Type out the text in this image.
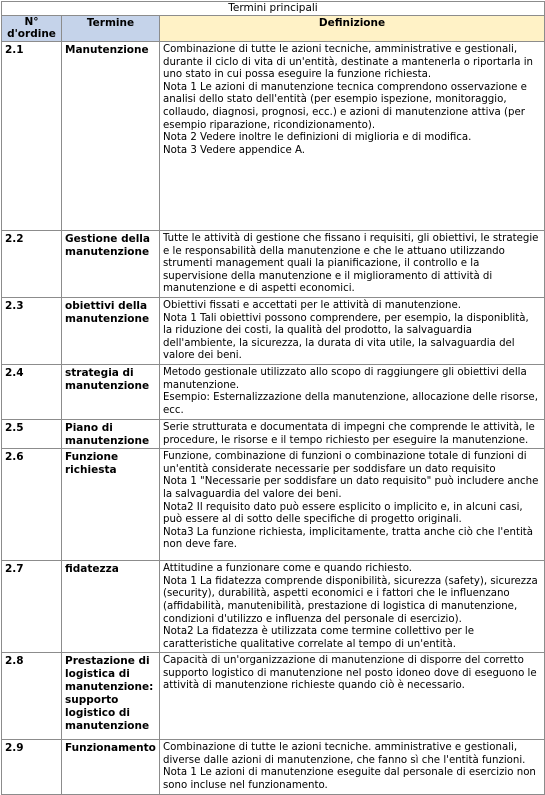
Termini principali		
N° d'ordine	Termine	Definizione
2.1	Manutenzione	Combinazione di tutte le azioni tecniche, amministrative e gestionali, durante il ciclo di vita di un'entità, destinate a mantenerla o riportarla in uno stato in cui possa eseguire la funzione richiesta.

Nota 1 Le azioni di manutenzione tecnica comprendono osservazione e analisi dello stato dell'entità (per esempio ispezione, monitoraggio, collaudo, diagnosi, prognosi, ecc.) e azioni di manutenzione attiva (per esempio riparazione, ricondizionamento).

Nota 2 Vedere inoltre le definizioni di miglioria e di modifica.

Nota 3 Vedere appendice A.

2.2	Gestione della manutenzione	Tutte le attività di gestione che fissano i requisiti, gli obiettivi, le strategie e le responsabilità della manutenzione e che le attuano utilizzando strumenti management quali la pianificazione, il controllo e la supervisione della manutenzione e il miglioramento di attività di manutenzione e di aspetti economici.

2.3	obiettivi della manutenzione	Obiettivi fissati e accettati per le attività di manutenzione.

Nota 1 Tali obiettivi possono comprendere, per esempio, la disponiblità, la riduzione dei costi, la qualità del prodotto, la salvaguardia dell'ambiente, la sicurezza, la durata di vita utile, la salvaguardia del valore dei beni.

2.4	strategia di manutenzione	Metodo gestionale utilizzato allo scopo di raggiungere gli obiettivi della manutenzione.

Esempio: Esternalizzazione della manutenzione, allocazione delle risorse, ecc.

2.5	Piano di manutenzione	Serie strutturata e documentata di impegni che comprende le attività, le procedure, le risorse e il tempo richiesto per eseguire la manutenzione.

2.6	Funzione richiesta	Funzione, combinazione di funzioni o combinazione totale di funzioni di un'entità considerate necessarie per soddisfare un dato requisito

Nota 1 "Necessarie per soddisfare un dato requisito" può includere anche la salvaguardia del valore dei beni.

Nota2 Il requisito dato può essere esplicito o implicito e, in alcuni casi, può essere al di sotto delle specifiche di progetto originali.

Nota3 La funzione richiesta, implicitamente, tratta anche ciò che l'entità non deve fare.

2.7	fidatezza	Attitudine a funzionare come e quando richiesto.

Nota 1 La fidatezza comprende disponibilità, sicurezza (safety), sicurezza (security), durabilità, aspetti economici e i fattori che le influenzano (affidabilità, manutenibilità, prestazione di logistica di manutenzione, condizioni d'utilizzo e influenza del personale di esercizio).

Nota2 La fidatezza è utilizzata come termine collettivo per le caratteristiche qualitative correlate al tempo di un'entità.

2.8	Prestazione di logistica di manutenzione: supporto logistico di manutenzione	Capacità di un'organizzazione di manutenzione di disporre del corretto supporto logistico di manutenzione nel posto idoneo dove di eseguono le attività di manutenzione richieste quando ciò è necessario.

2.9	Funzionamento	Combinazione di tutte le azioni tecniche. amministrative e gestionali, diverse dalle azioni di manutenzione, che fanno sì che l'entità funzioni.

Nota 1 Le azioni di manutenzione eseguite dal personale di esercizio non sono incluse nel funzionamento.
